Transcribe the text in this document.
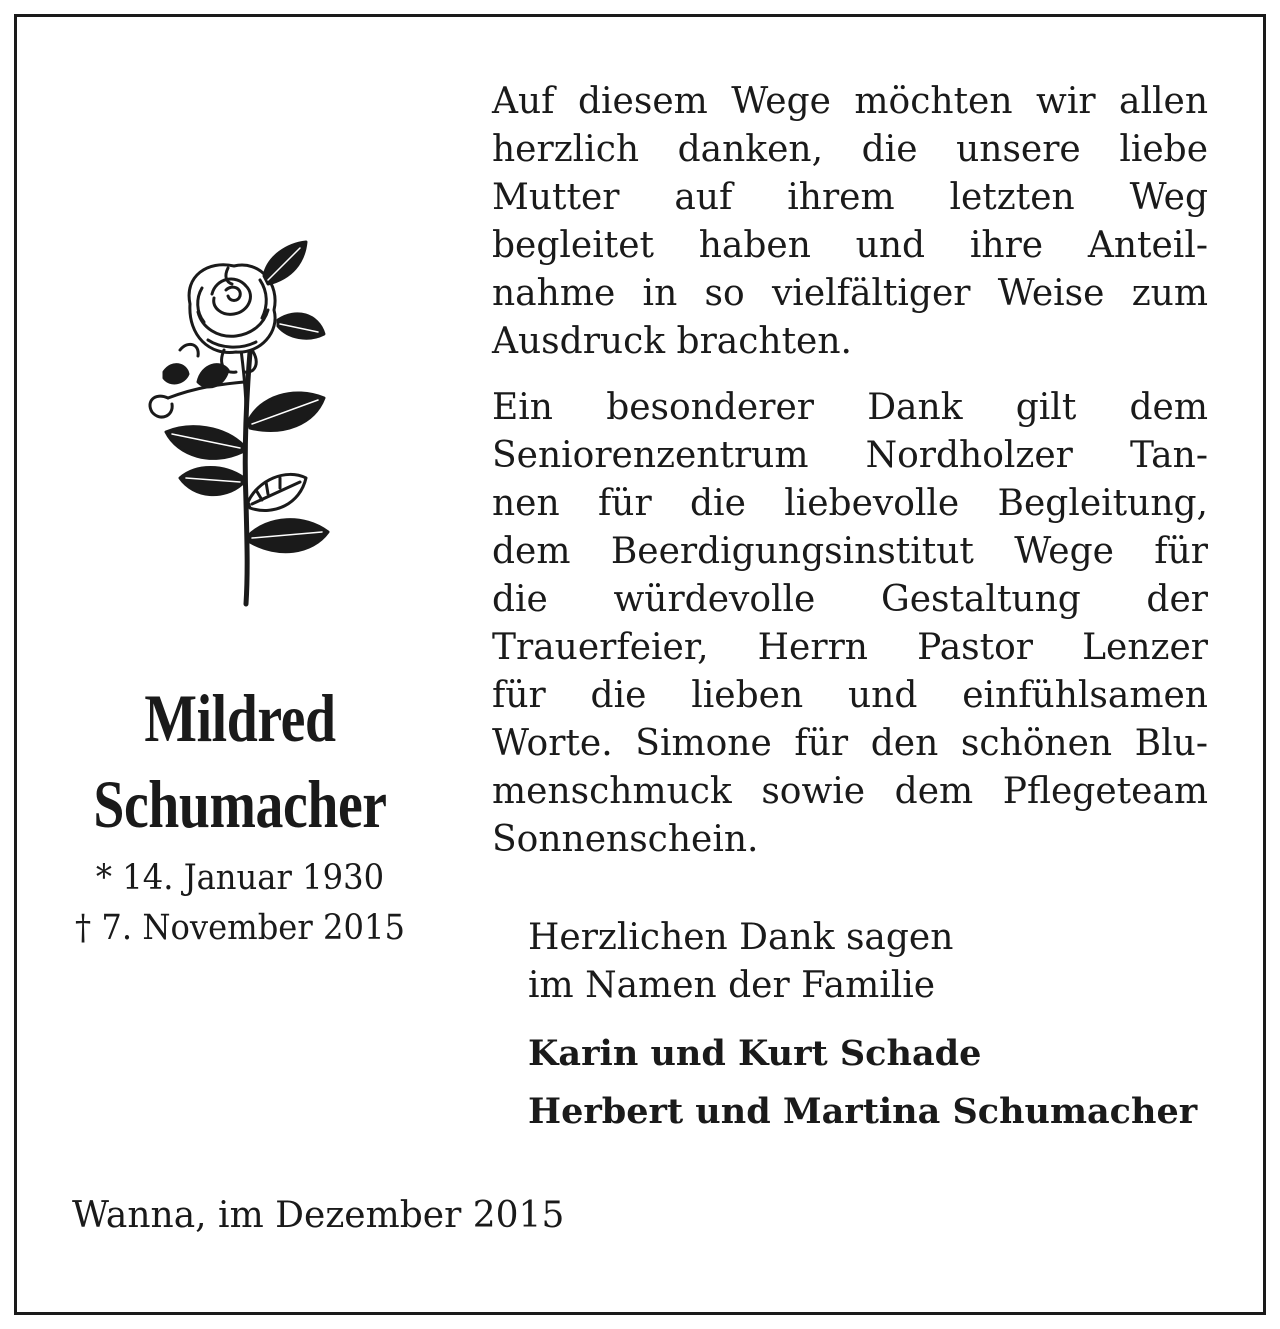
Mildred
Schumacher
* 14. Januar 1930
† 7. November 2015
Auf diesem Wege möchten wir allen
herzlich danken, die unsere liebe
Mutter auf ihrem letzten Weg
begleitet haben und ihre Anteil-
nahme in so vielfältiger Weise zum
Ausdruck brachten.
Ein besonderer Dank gilt dem
Seniorenzentrum Nordholzer Tan-
nen für die liebevolle Begleitung,
dem Beerdigungsinstitut Wege für
die würdevolle Gestaltung der
Trauerfeier, Herrn Pastor Lenzer
für die lieben und einfühlsamen
Worte. Simone für den schönen Blu-
menschmuck sowie dem Pflegeteam
Sonnenschein.
Herzlichen Dank sagen
im Namen der Familie
Karin und Kurt Schade
Herbert und Martina Schumacher
Wanna, im Dezember 2015
